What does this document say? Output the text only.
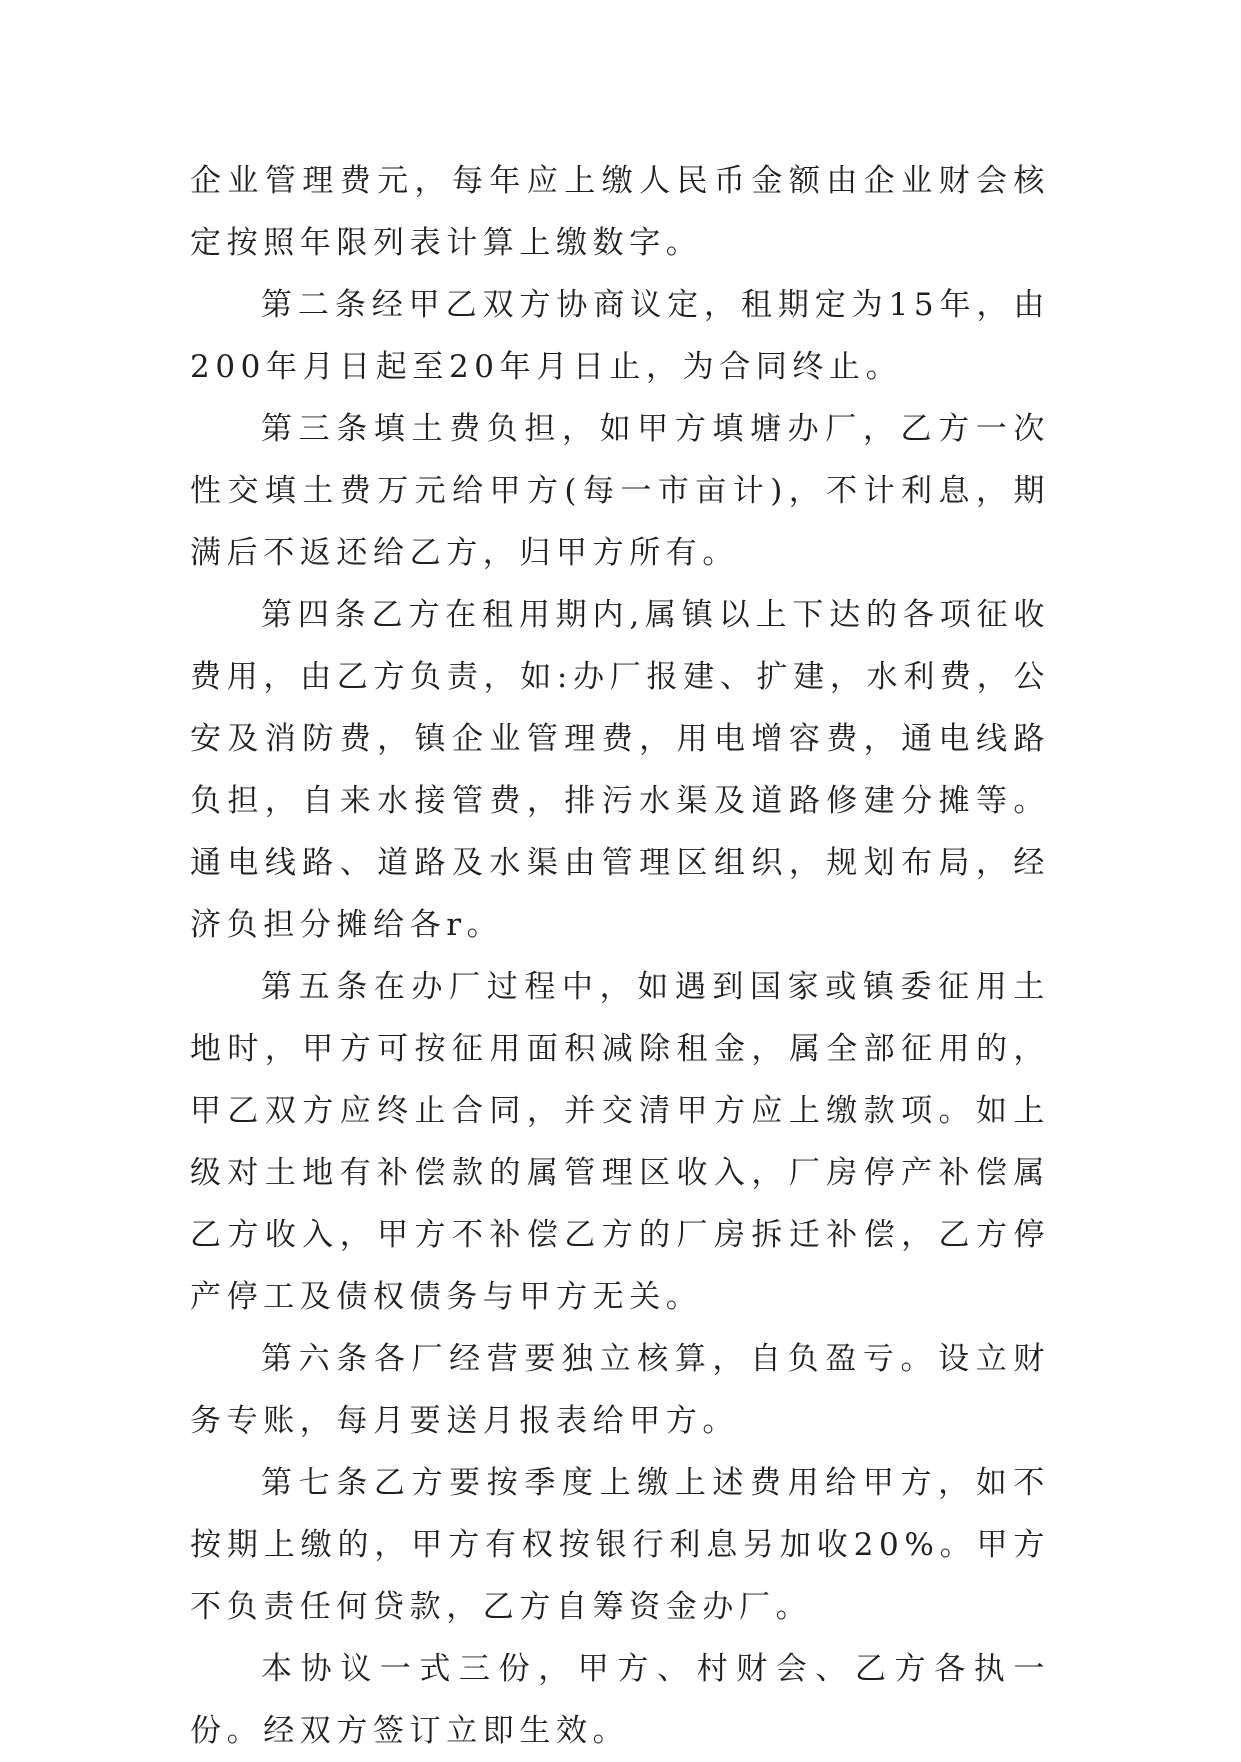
企业管理费元，每年应上缴人民币金额由企业财会核定按照年限列表计算上缴数字。

第二条经甲乙双方协商议定，租期定为15年，由200年月日起至20年月日止，为合同终止。

第三条填土费负担，如甲方填塘办厂，乙方一次性交填土费万元给甲方(每一市亩计)，不计利息，期满后不返还给乙方，归甲方所有。

第四条乙方在租用期内,属镇以上下达的各项征收费用，由乙方负责，如:办厂报建、扩建，水利费，公安及消防费，镇企业管理费，用电增容费，通电线路负担，自来水接管费，排污水渠及道路修建分摊等。通电线路、道路及水渠由管理区组织，规划布局，经济负担分摊给各r。

第五条在办厂过程中，如遇到国家或镇委征用土地时，甲方可按征用面积减除租金，属全部征用的，甲乙双方应终止合同，并交清甲方应上缴款项。如上级对土地有补偿款的属管理区收入，厂房停产补偿属乙方收入，甲方不补偿乙方的厂房拆迁补偿，乙方停产停工及债权债务与甲方无关。

第六条各厂经营要独立核算，自负盈亏。设立财务专账，每月要送月报表给甲方。

第七条乙方要按季度上缴上述费用给甲方，如不按期上缴的，甲方有权按银行利息另加收20%。甲方不负责任何贷款，乙方自筹资金办厂。

本协议一式三份，甲方、村财会、乙方各执一份。经双方签订立即生效。
